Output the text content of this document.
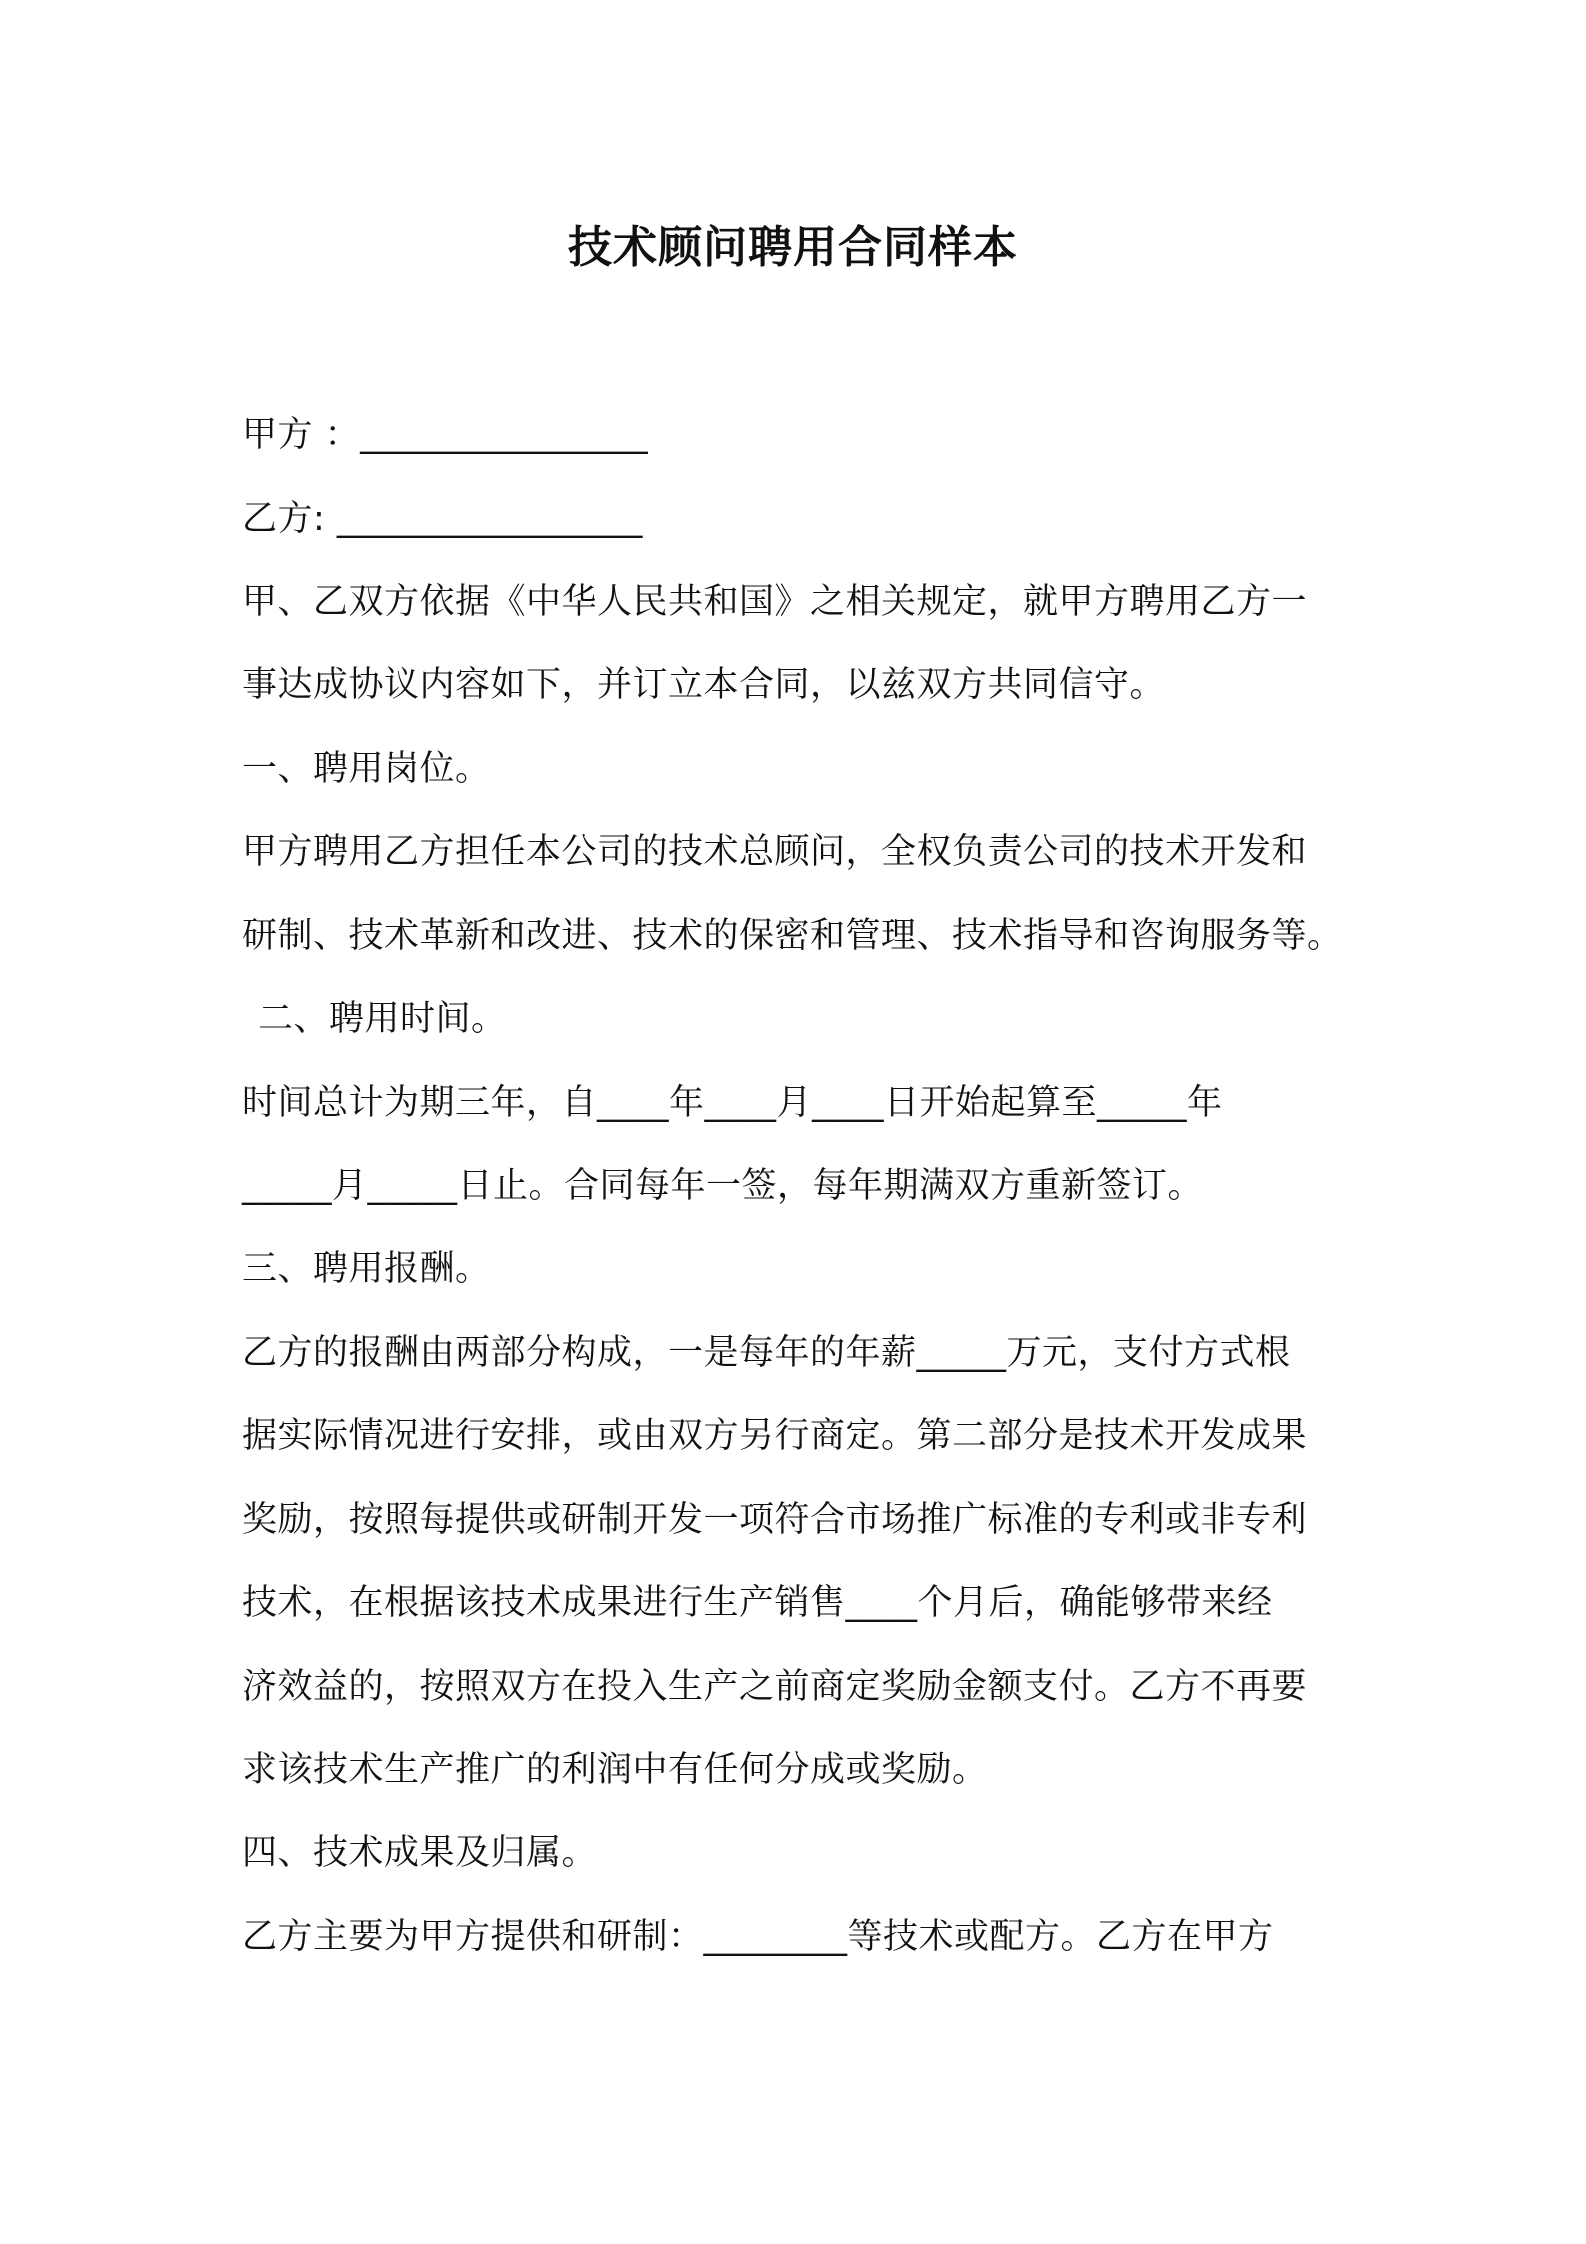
技术顾问聘用合同样本

甲方 ：________________

乙方: _________________

甲、乙双方依据《中华人民共和国》之相关规定，就甲方聘用乙方一

事达成协议内容如下，并订立本合同，以兹双方共同信守。

一、聘用岗位。

甲方聘用乙方担任本公司的技术总顾问，全权负责公司的技术开发和

研制、技术革新和改进、技术的保密和管理、技术指导和咨询服务等。

二、聘用时间。

时间总计为期三年，自____年____月____日开始起算至_____年

_____月_____日止。合同每年一签，每年期满双方重新签订。

三、聘用报酬。

乙方的报酬由两部分构成，一是每年的年薪_____万元，支付方式根

据实际情况进行安排，或由双方另行商定。第二部分是技术开发成果

奖励，按照每提供或研制开发一项符合市场推广标准的专利或非专利

技术，在根据该技术成果进行生产销售____个月后，确能够带来经

济效益的，按照双方在投入生产之前商定奖励金额支付。乙方不再要

求该技术生产推广的利润中有任何分成或奖励。

四、技术成果及归属。

乙方主要为甲方提供和研制：________等技术或配方。乙方在甲方
